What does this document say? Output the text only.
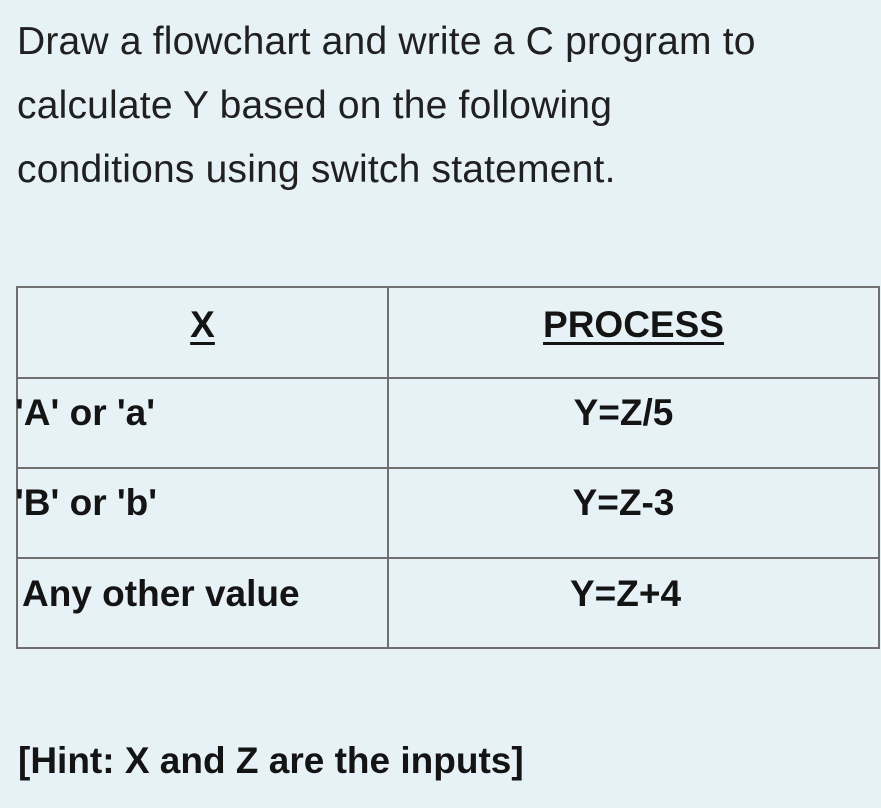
Draw a flowchart and write a C program to
calculate Y based on the following
conditions using switch statement.
X	PROCESS
'A' or 'a'	Y=Z/5
'B' or 'b'	Y=Z-3
Any other value	Y=Z+4
[Hint: X and Z are the inputs]
